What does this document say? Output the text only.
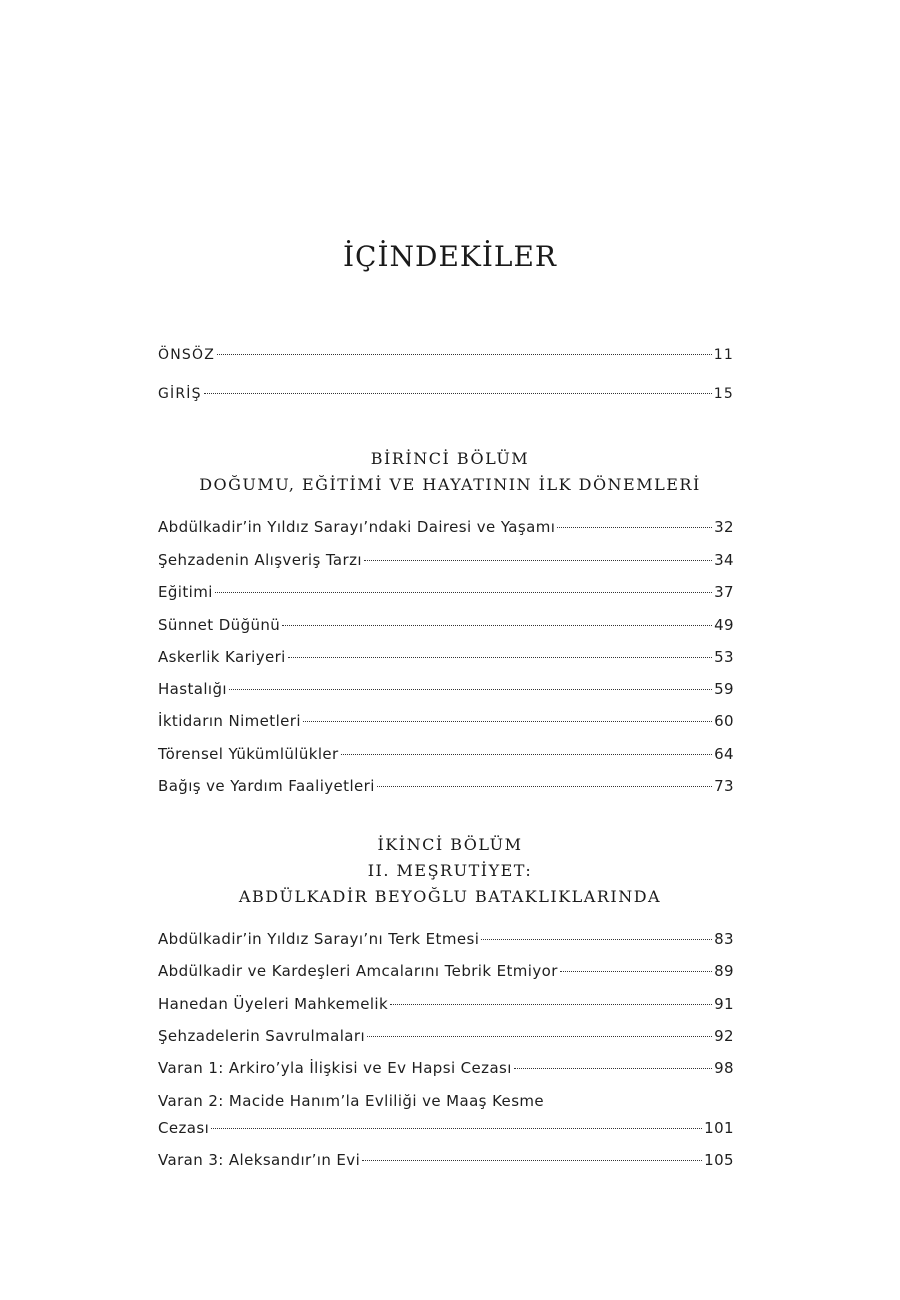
İÇİNDEKİLER
ÖNSÖZ	11
GİRİŞ	15
BİRİNCİ BÖLÜM
DOĞUMU, EĞİTİMİ VE HAYATININ İLK DÖNEMLERİ
Abdülkadir’in Yıldız Sarayı’ndaki Dairesi ve Yaşamı	32
Şehzadenin Alışveriş Tarzı	34
Eğitimi	37
Sünnet Düğünü	49
Askerlik Kariyeri	53
Hastalığı	59
İktidarın Nimetleri	60
Törensel Yükümlülükler	64
Bağış ve Yardım Faaliyetleri	73
İKİNCİ BÖLÜM
II. MEŞRUTİYET:
ABDÜLKADİR BEYOĞLU BATAKLIKLARINDA
Abdülkadir’in Yıldız Sarayı’nı Terk Etmesi	83
Abdülkadir ve Kardeşleri Amcalarını Tebrik Etmiyor	89
Hanedan Üyeleri Mahkemelik	91
Şehzadelerin Savrulmaları	92
Varan 1: Arkiro’yla İlişkisi ve Ev Hapsi Cezası	98
Varan 2: Macide Hanım’la Evliliği ve Maaş Kesme
Cezası	101
Varan 3: Aleksandır’ın Evi	105
